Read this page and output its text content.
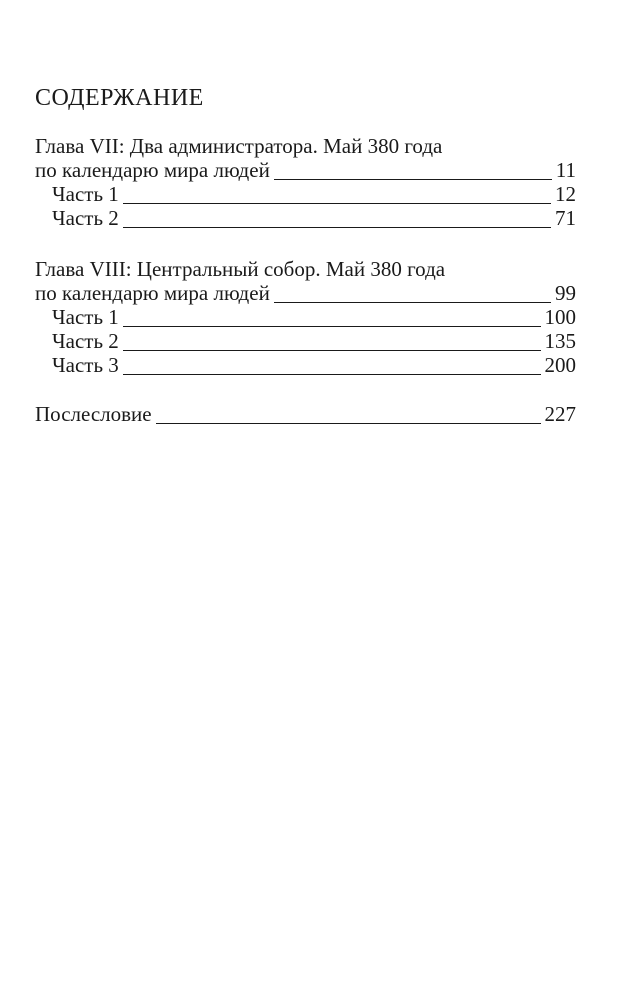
СОДЕРЖАНИЕ
Глава VII: Два администратора. Май 380 года
по календарю мира людей	11
Часть 1	12
Часть 2	71
Глава VIII: Центральный собор. Май 380 года
по календарю мира людей	99
Часть 1	100
Часть 2	135
Часть 3	200
Послесловие	227
